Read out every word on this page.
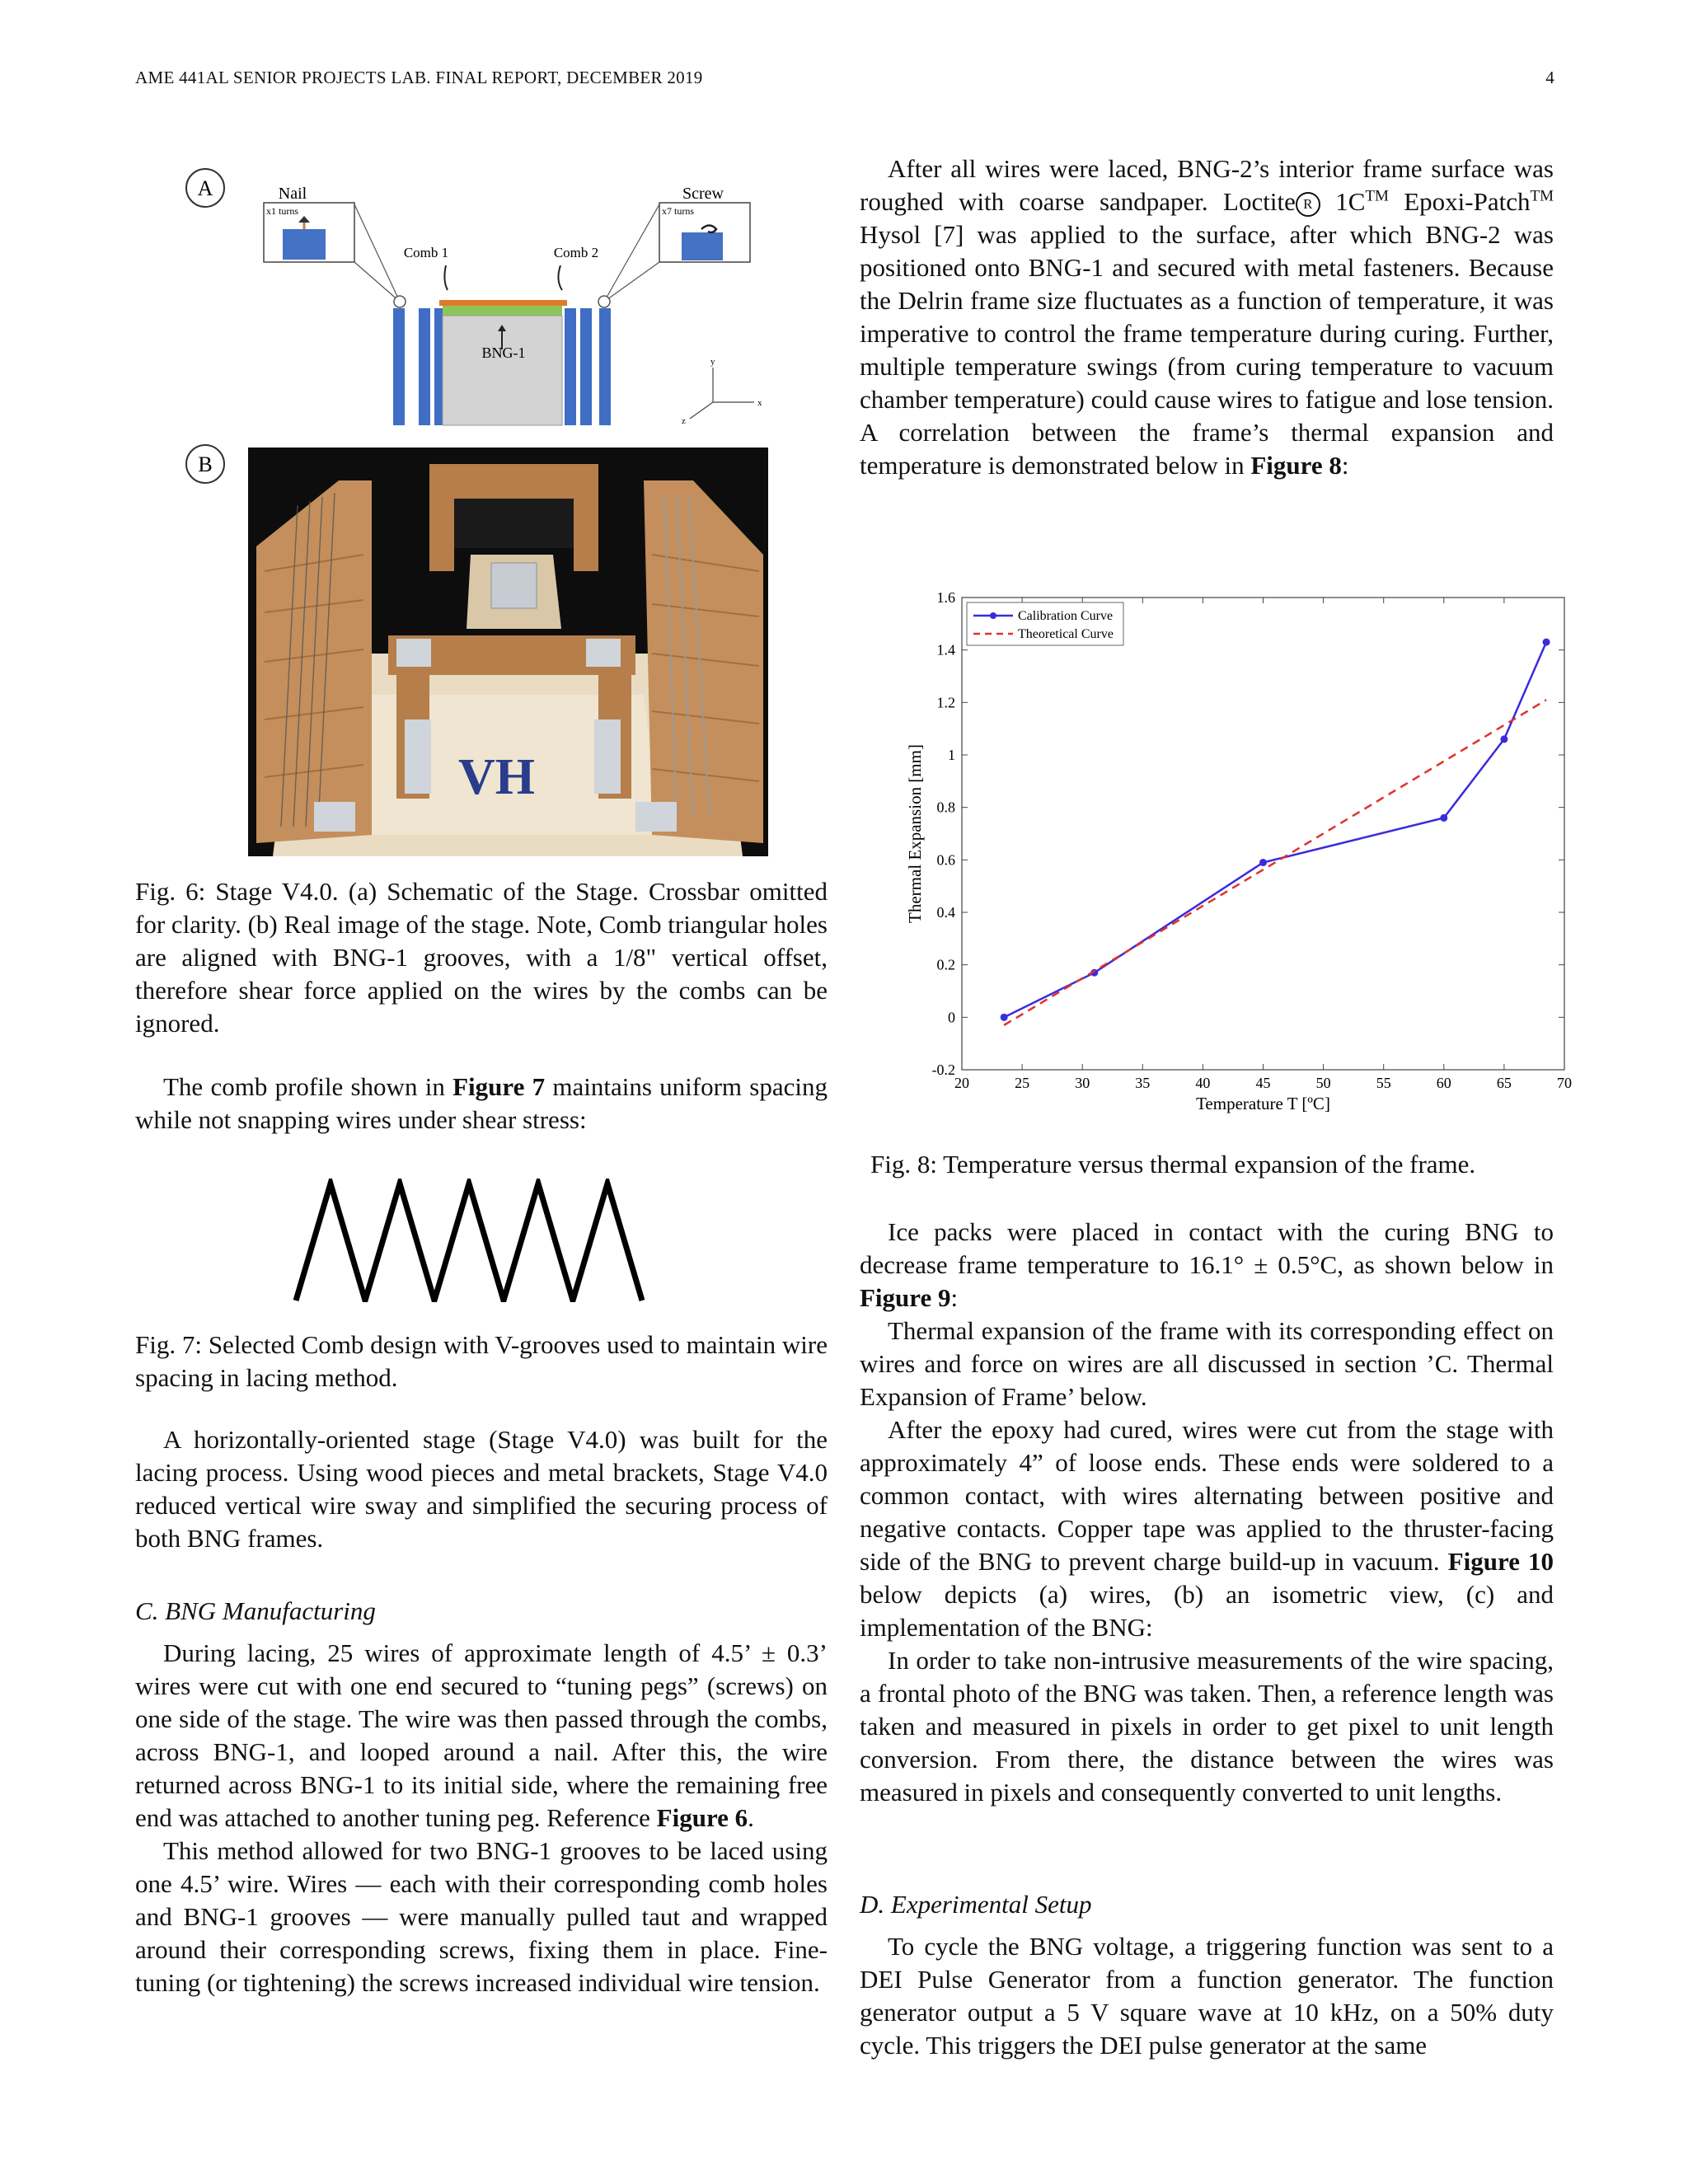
AME 441AL SENIOR PROJECTS LAB. FINAL REPORT, DECEMBER 2019	4
A	Nail
x1 turns
Screw
x7 turns
Comb 1	Comb 2
BNG-1
y
x
z
B
VH

Fig. 6: Stage V4.0. (a) Schematic of the Stage. Crossbar omitted for clarity. (b) Real image of the stage. Note, Comb triangular holes are aligned with BNG-1 grooves, with a 1/8" vertical offset, therefore shear force applied on the wires by the combs can be ignored.

The comb profile shown in Figure 7 maintains uniform spacing while not snapping wires under shear stress:

Fig. 7: Selected Comb design with V-grooves used to maintain wire spacing in lacing method.

A horizontally-oriented stage (Stage V4.0) was built for the lacing process. Using wood pieces and metal brackets, Stage V4.0 reduced vertical wire sway and simplified the securing process of both BNG frames.

C. BNG Manufacturing

During lacing, 25 wires of approximate length of 4.5’ ± 0.3’ wires were cut with one end secured to “tuning pegs” (screws) on one side of the stage. The wire was then passed through the combs, across BNG-1, and looped around a nail. After this, the wire returned across BNG-1 to its initial side, where the remaining free end was attached to another tuning peg. Reference Figure 6.

This method allowed for two BNG-1 grooves to be laced using one 4.5’ wire. Wires — each with their corresponding comb holes and BNG-1 grooves — were manually pulled taut and wrapped around their corresponding screws, fixing them in place. Fine-tuning (or tightening) the screws increased individual wire tension.

After all wires were laced, BNG-2’s interior frame surface was roughed with coarse sandpaper. Loctite R 1C™ Epoxi-Patch™ Hysol [7] was applied to the surface, after which BNG-2 was positioned onto BNG-1 and secured with metal fasteners. Because the Delrin frame size fluctuates as a function of temperature, it was imperative to control the frame temperature during curing. Further, multiple temperature swings (from curing temperature to vacuum chamber temperature) could cause wires to fatigue and lose tension. A correlation between the frame’s thermal expansion and temperature is demonstrated below in Figure 8:

20	25	30	35	40	45	50	55	60	65	70
-0.2
0
0.2
0.4
0.6
0.8
1
1.2
1.4
1.6
Calibration Curve
Theoretical Curve
Temperature T [ºC]
Thermal Expansion [mm]

Fig. 8: Temperature versus thermal expansion of the frame.

Ice packs were placed in contact with the curing BNG to decrease frame temperature to 16.1° ± 0.5°C, as shown below in Figure 9:

Thermal expansion of the frame with its corresponding effect on wires and force on wires are all discussed in section ’C. Thermal Expansion of Frame’ below.

After the epoxy had cured, wires were cut from the stage with approximately 4” of loose ends. These ends were soldered to a common contact, with wires alternating between positive and negative contacts. Copper tape was applied to the thruster-facing side of the BNG to prevent charge build-up in vacuum. Figure 10 below depicts (a) wires, (b) an isometric view, (c) and implementation of the BNG:

In order to take non-intrusive measurements of the wire spacing, a frontal photo of the BNG was taken. Then, a reference length was taken and measured in pixels in order to get pixel to unit length conversion. From there, the distance between the wires was measured in pixels and consequently converted to unit lengths.

D. Experimental Setup

To cycle the BNG voltage, a triggering function was sent to a DEI Pulse Generator from a function generator. The function generator output a 5 V square wave at 10 kHz, on a 50% duty cycle. This triggers the DEI pulse generator at the same
